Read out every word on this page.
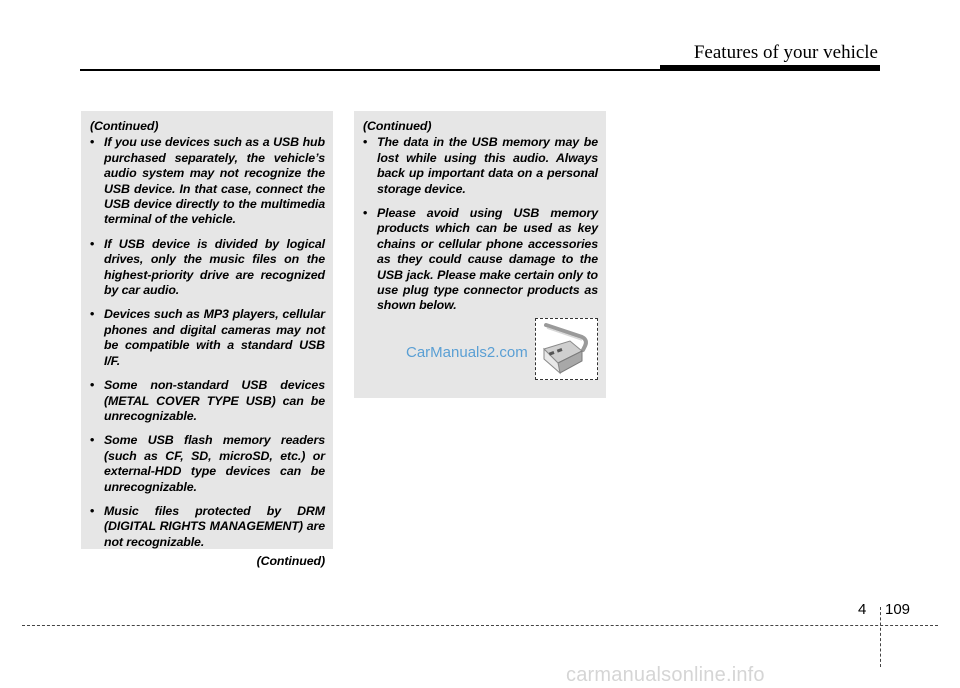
Features of your vehicle
(Continued)
• If you use devices such as a USB hub purchased separately, the vehicle’s audio system may not recognize the USB device. In that case, connect the USB device directly to the multimedia terminal of the vehicle.
• If USB device is divided by logical drives, only the music files on the highest-priority drive are recognized by car audio.
• Devices such as MP3 players, cellular phones and digital cameras may not be compatible with a standard USB I/F.
• Some non-standard USB devices (METAL COVER TYPE USB) can be unrecognizable.
• Some USB flash memory readers (such as CF, SD, microSD, etc.) or external-HDD type devices can be unrecognizable.
• Music files protected by DRM (DIGITAL RIGHTS MANAGEMENT) are not recognizable.
(Continued)
(Continued)
• The data in the USB memory may be lost while using this audio. Always back up important data on a personal storage device.
• Please avoid using USB memory products which can be used as key chains or cellular phone accessories as they could cause damage to the USB jack. Please make certain only to use plug type connector products as shown below.
CarManuals2.com
4 109
carmanualsonline.info
